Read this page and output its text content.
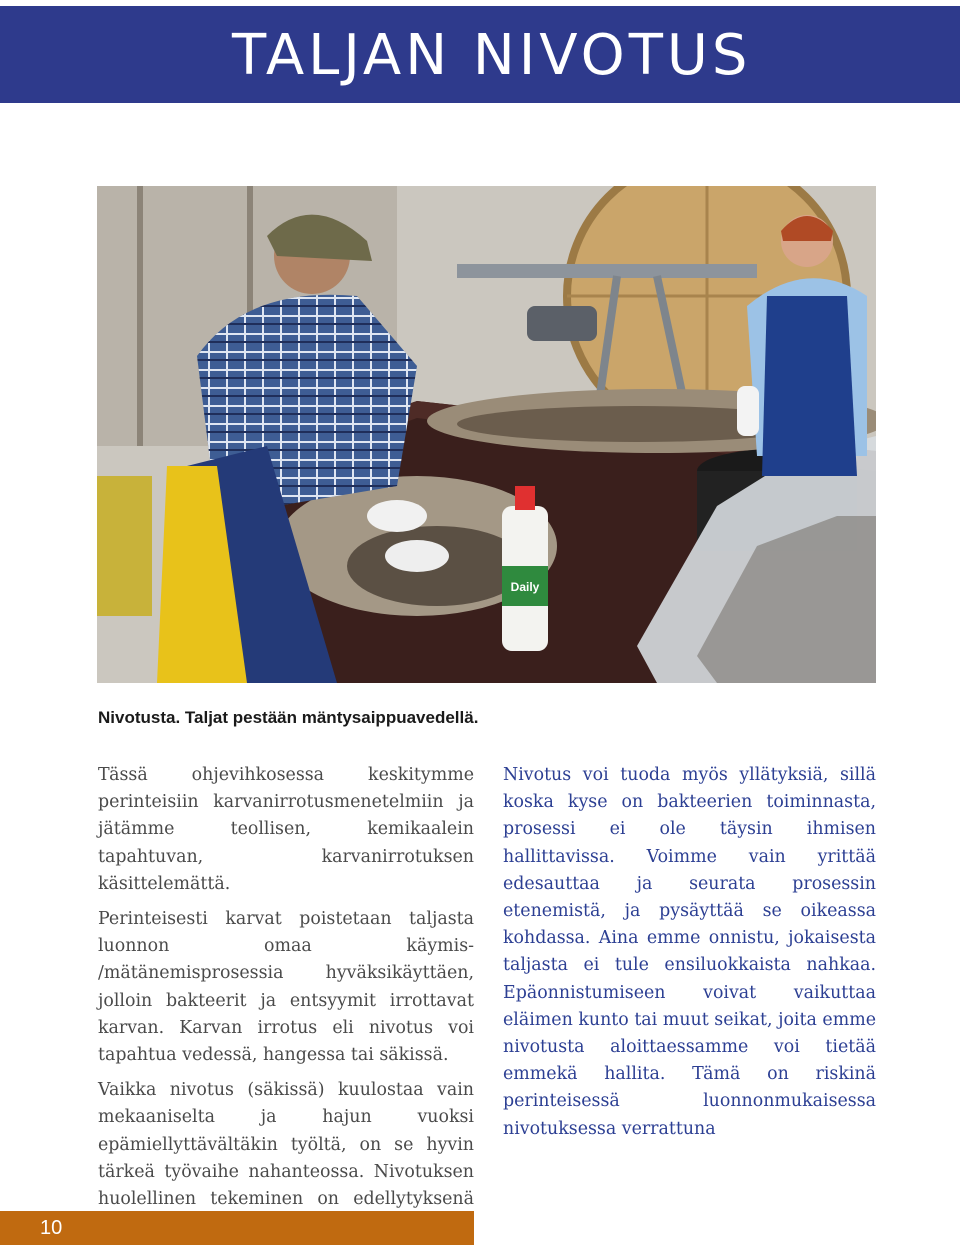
TALJAN NIVOTUS
Daily
Nivotusta. Taljat pestään mäntysaippuavedellä.

Tässä ohjevihkosessa keskitymme perinteisiin karvanirrotusmenetelmiin ja jätämme teollisen, kemikaalein tapahtuvan, karvanirrotuksen käsittelemättä.

Perinteisesti karvat poistetaan taljasta luonnon omaa käymis- /mätänemisprosessia hyväksikäyttäen, jolloin bakteerit ja entsyymit irrottavat karvan. Karvan irrotus eli nivotus voi tapahtua vedessä, hangessa tai säkissä.

Vaikka nivotus (säkissä) kuulostaa vain mekaaniselta ja hajun vuoksi epämiellyttävältäkin työltä, on se hyvin tärkeä työvaihe nahanteossa. Nivotuksen huolellinen tekeminen on edellytyksenä

Nivotus voi tuoda myös yllätyksiä, sillä koska kyse on bakteerien toiminnasta, prosessi ei ole täysin ihmisen hallittavissa. Voimme vain yrittää edesauttaa ja seurata prosessin etenemistä, ja pysäyttää se oikeassa kohdassa. Aina emme onnistu, jokaisesta taljasta ei tule ensiluokkaista nahkaa. Epäonnistumiseen voivat vaikuttaa eläimen kunto tai muut seikat, joita emme nivotusta aloittaessamme voi tietää emmekä hallita. Tämä on riskinä perinteisessä luonnonmukaisessa nivotuksessa verrattuna

10
